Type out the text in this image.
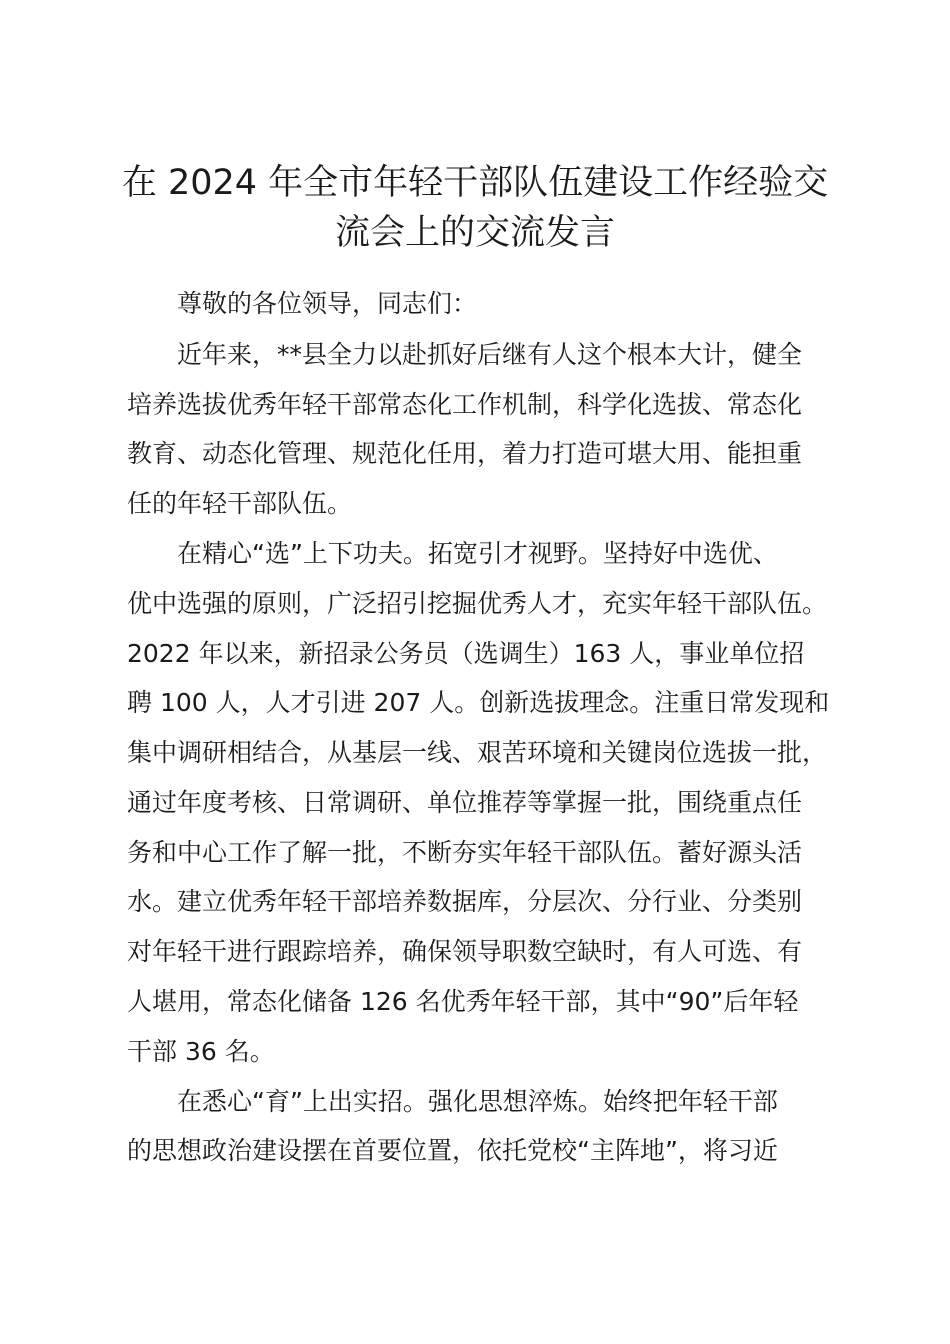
在 2024 年全市年轻干部队伍建设工作经验交
流会上的交流发言

尊敬的各位领导，同志们：

近年来，**县全力以赴抓好后继有人这个根本大计，健全

培养选拔优秀年轻干部常态化工作机制，科学化选拔、常态化

教育、动态化管理、规范化任用，着力打造可堪大用、能担重

任的年轻干部队伍。

在精心“选”上下功夫。拓宽引才视野。坚持好中选优、

优中选强的原则，广泛招引挖掘优秀人才，充实年轻干部队伍。

2022 年以来，新招录公务员（选调生）163 人，事业单位招

聘 100 人，人才引进 207 人。创新选拔理念。注重日常发现和

集中调研相结合，从基层一线、艰苦环境和关键岗位选拔一批，

通过年度考核、日常调研、单位推荐等掌握一批，围绕重点任

务和中心工作了解一批，不断夯实年轻干部队伍。蓄好源头活

水。建立优秀年轻干部培养数据库，分层次、分行业、分类别

对年轻干进行跟踪培养，确保领导职数空缺时，有人可选、有

人堪用，常态化储备 126 名优秀年轻干部，其中“90”后年轻

干部 36 名。

在悉心“育”上出实招。强化思想淬炼。始终把年轻干部

的思想政治建设摆在首要位置，依托党校“主阵地”，将习近
